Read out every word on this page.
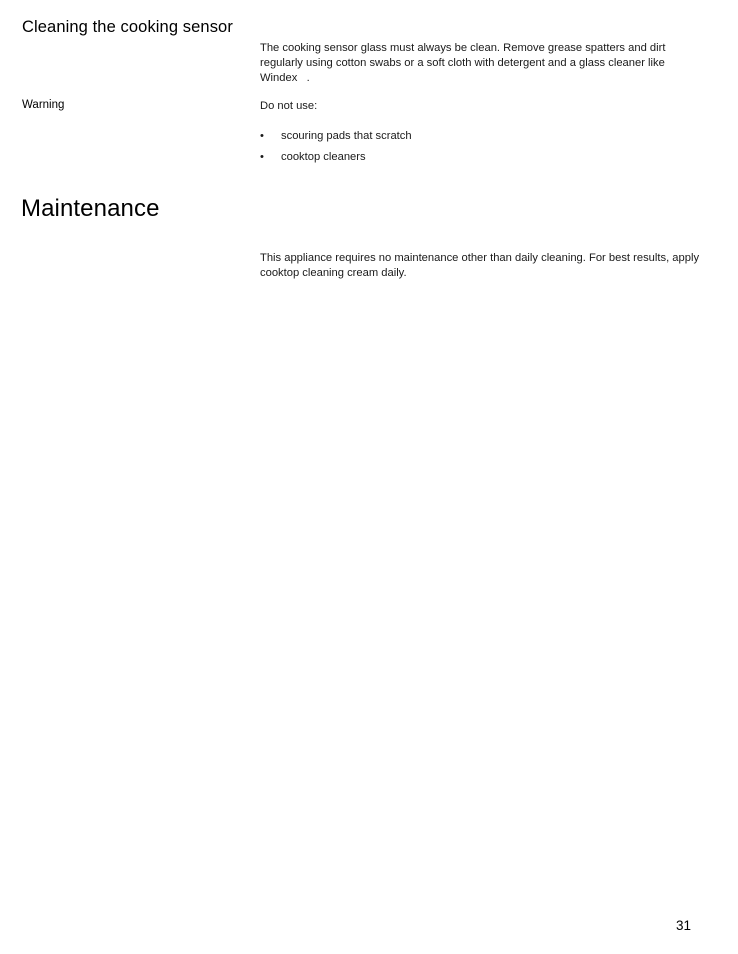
Cleaning the cooking sensor

The cooking sensor glass must always be clean. Remove grease spatters and dirt regularly using cotton swabs or a soft cloth with detergent and a glass cleaner like Windex   .

Warning	Do not use:

• scouring pads that scratch
• cooktop cleaners
Maintenance

This appliance requires no maintenance other than daily cleaning. For best results, apply cooktop cleaning cream daily.

31
